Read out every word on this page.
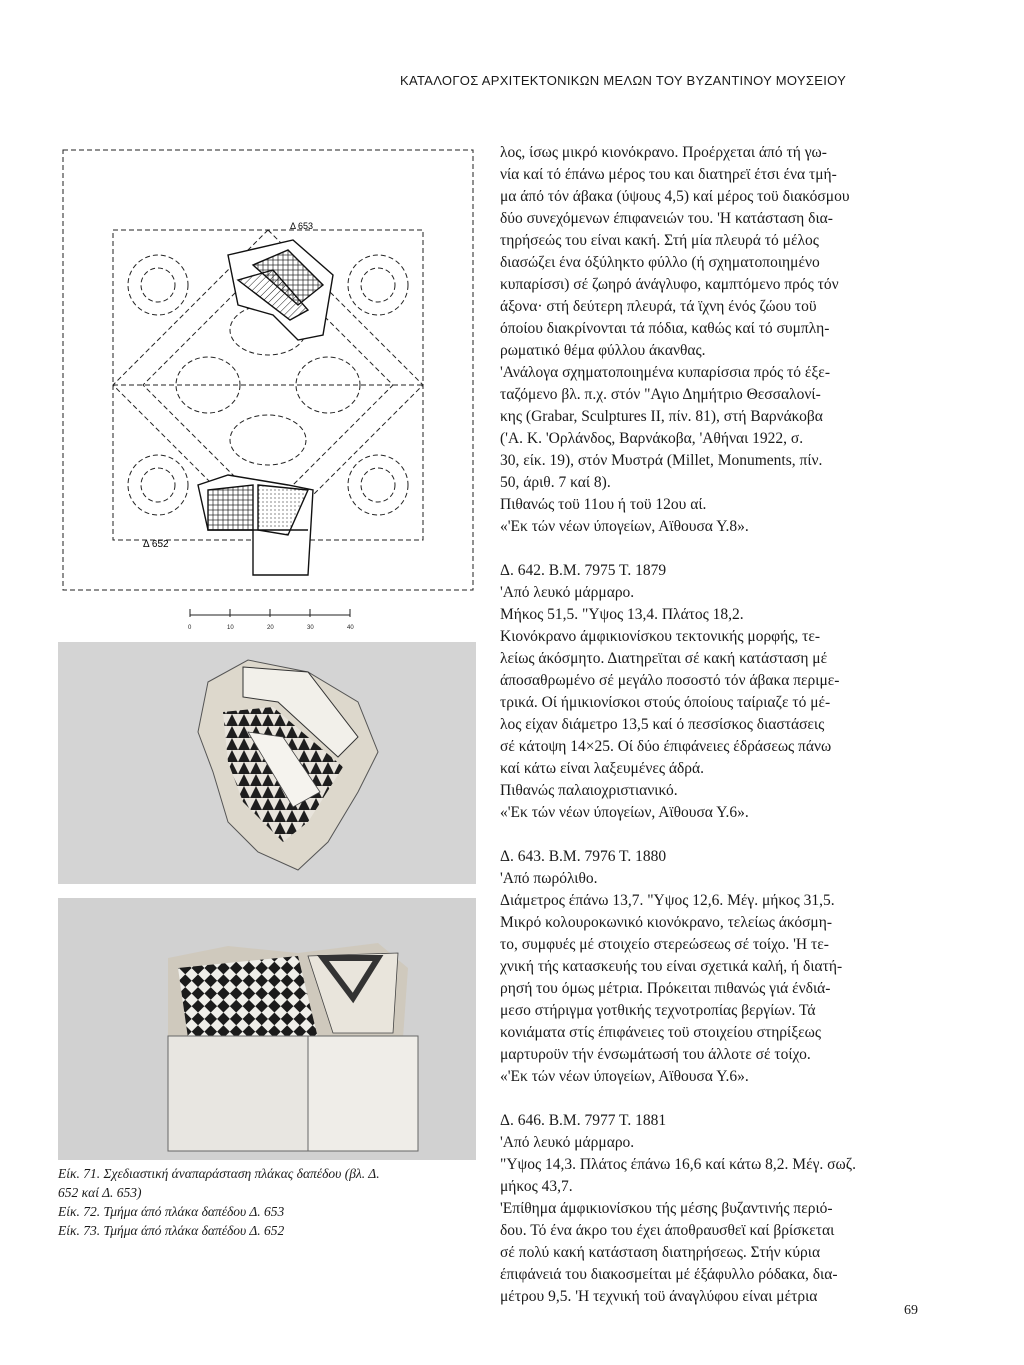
ΚΑΤΑΛΟΓΟΣ ΑΡΧΙΤΕΚΤΟΝΙΚΩΝ ΜΕΛΩΝ ΤΟΥ ΒΥΖΑΝΤΙΝΟΥ ΜΟΥΣΕΙΟΥ
Δ 653
Δ 652
0	10	20	30	40

Είκ. 71. Σχεδιαστική άναπαράσταση πλάκας δαπέδου (βλ. Δ.

652 καί Δ. 653)

Είκ. 72. Τμήμα άπό πλάκα δαπέδου Δ. 653

Είκ. 73. Τμήμα άπό πλάκα δαπέδου Δ. 652

λος, ίσως μικρό κιονόκρανο. Προέρχεται άπό τή γω-

νία καί τό έπάνω μέρος του και διατηρεϊ έτσι ένα τμή-

μα άπό τόν άβακα (ύψους 4,5) καί μέρος τοϋ διακόσμου

δύο συνεχόμενων έπιφανειών του. 'Η κατάσταση δια-

τηρήσεώς του είναι κακή. Στή μία πλευρά τό μέλος

διασώζει ένα όξύληκτο φύλλο (ή σχηματοποιημένο

κυπαρίσσι) σέ ζωηρό άνάγλυφο, καμπτόμενο πρός τόν

άξονα· στή δεύτερη πλευρά, τά ϊχνη ένός ζώου τοϋ

όποίου διακρίνονται τά πόδια, καθώς καί τό συμπλη-

ρωματικό θέμα φύλλου άκανθας.

'Ανάλογα σχηματοποιημένα κυπαρίσσια πρός τό έξε-

ταζόμενο βλ. π.χ. στόν "Αγιο Δημήτριο Θεσσαλονί-

κης (Grabar, Sculptures II, πίν. 81), στή Βαρνάκοβα

('Α. Κ. 'Ορλάνδος, Βαρνάκοβα, 'Αθήναι 1922, σ.

30, είκ. 19), στόν Μυστρά (Millet, Monuments, πίν.

50, άριθ. 7 καί 8).

Πιθανώς τοϋ 11ου ή τοϋ 12ου αί.

«'Εκ τών νέων ύπογείων, Αϊθουσα Υ.8».

Δ. 642. Β.Μ. 7975 Τ. 1879

'Από λευκό μάρμαρο.

Μήκος 51,5. "Υψος 13,4. Πλάτος 18,2.

Κιονόκρανο άμφικιονίσκου τεκτονικής μορφής, τε-

λείως άκόσμητο. Διατηρεϊται σέ κακή κατάσταση μέ

άποσαθρωμένο σέ μεγάλο ποσοστό τόν άβακα περιμε-

τρικά. Οί ήμικιονίσκοι στούς όποίους ταίριαζε τό μέ-

λος είχαν διάμετρο 13,5 καί ό πεσσίσκος διαστάσεις

σέ κάτοψη 14×25. Οί δύο έπιφάνειες έδράσεως πάνω

καί κάτω είναι λαξευμένες άδρά.

Πιθανώς παλαιοχριστιανικό.

«'Εκ τών νέων ύπογείων, Αϊθουσα Υ.6».

Δ. 643. Β.Μ. 7976 Τ. 1880

'Από πωρόλιθο.

Διάμετρος έπάνω 13,7. "Υψος 12,6. Μέγ. μήκος 31,5.

Μικρό κολουροκωνικό κιονόκρανο, τελείως άκόσμη-

το, συμφυές μέ στοιχείο στερεώσεως σέ τοίχο. 'Η τε-

χνική τής κατασκευής του είναι σχετικά καλή, ή διατή-

ρησή του όμως μέτρια. Πρόκειται πιθανώς γιά ένδιά-

μεσο στήριγμα γοτθικής τεχνοτροπίας βεργίων. Τά

κονιάματα στίς έπιφάνειες τοϋ στοιχείου στηρίξεως

μαρτυροϋν τήν ένσωμάτωσή του άλλοτε σέ τοίχο.

«'Εκ τών νέων ύπογείων, Αϊθουσα Υ.6».

Δ. 646. Β.Μ. 7977 Τ. 1881

'Από λευκό μάρμαρο.

"Υψος 14,3. Πλάτος έπάνω 16,6 καί κάτω 8,2. Μέγ. σωζ.

μήκος 43,7.

'Επίθημα άμφικιονίσκου τής μέσης βυζαντινής περιό-

δου. Τό ένα άκρο του έχει άποθραυσθεϊ καί βρίσκεται

σέ πολύ κακή κατάσταση διατηρήσεως. Στήν κύρια

έπιφάνειά του διακοσμείται μέ έξάφυλλο ρόδακα, δια-

μέτρου 9,5. 'Η τεχνική τοϋ άναγλύφου είναι μέτρια

69
